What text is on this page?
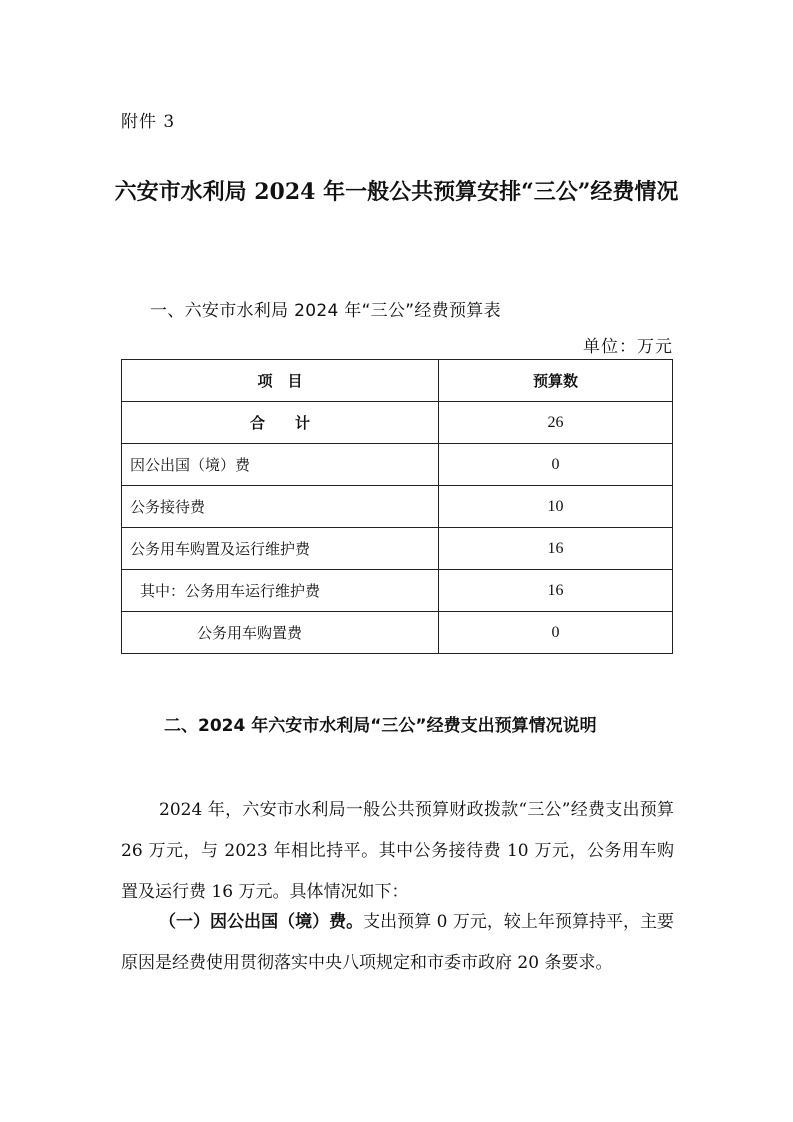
附件 3
六安市水利局 2024 年一般公共预算安排“三公”经费情况
一、六安市水利局 2024 年“三公”经费预算表
单位：万元
项　目	预算数
合　　计	26
因公出国（境）费	0
公务接待费	10
公务用车购置及运行维护费	16
其中：公务用车运行维护费	16
公务用车购置费	0
二、2024 年六安市水利局“三公”经费支出预算情况说明
2024 年，六安市水利局一般公共预算财政拨款“三公”经费支出预算 26 万元，与 2023 年相比持平。其中公务接待费 10 万元，公务用车购置及运行费 16 万元。具体情况如下：
（一）因公出国（境）费。支出预算 0 万元，较上年预算持平，主要原因是经费使用贯彻落实中央八项规定和市委市政府 20 条要求。
